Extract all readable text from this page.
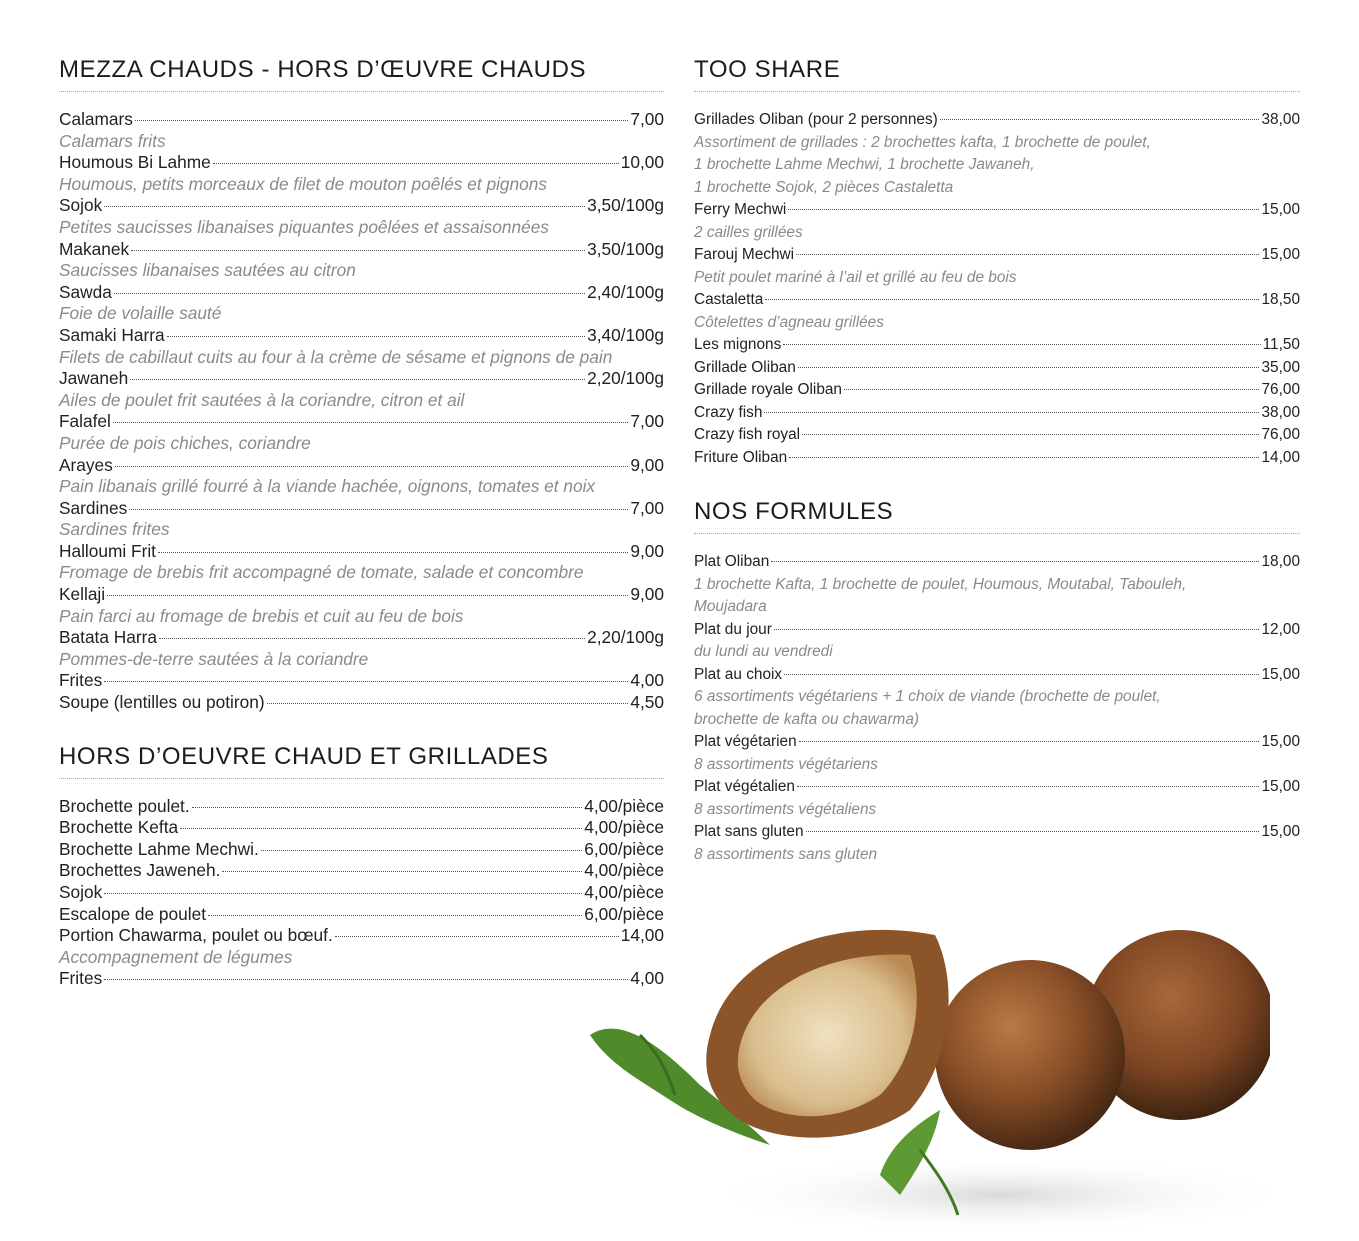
MEZZA CHAUDS - HORS D’ŒUVRE CHAUDS
Calamars	7,00
Calamars frits
Houmous Bi Lahme	10,00
Houmous, petits morceaux de filet de mouton poêlés et pignons
Sojok	3,50/100g
Petites saucisses libanaises piquantes poêlées et assaisonnées
Makanek	3,50/100g
Saucisses libanaises sautées au citron
Sawda	2,40/100g
Foie de volaille sauté
Samaki Harra	3,40/100g
Filets de cabillaut cuits au four à la crème de sésame et pignons de pain
Jawaneh	2,20/100g
Ailes de poulet frit sautées à la coriandre, citron et ail
Falafel	7,00
Purée de pois chiches, coriandre
Arayes	9,00
Pain libanais grillé fourré à la viande hachée, oignons, tomates et noix
Sardines	7,00
Sardines frites
Halloumi Frit	9,00
Fromage de brebis frit accompagné de tomate, salade et concombre
Kellaji	9,00
Pain farci au fromage de brebis et cuit au feu de bois
Batata Harra	2,20/100g
Pommes-de-terre sautées à la coriandre
Frites	4,00
Soupe (lentilles ou potiron)	4,50
HORS D’OEUVRE CHAUD ET GRILLADES
Brochette poulet.	4,00/pièce
Brochette Kefta	4,00/pièce
Brochette Lahme Mechwi.	6,00/pièce
Brochettes Jaweneh.	4,00/pièce
Sojok	4,00/pièce
Escalope de poulet	6,00/pièce
Portion Chawarma, poulet ou bœuf.	14,00
Accompagnement de légumes
Frites	4,00
TOO SHARE
Grillades Oliban (pour 2 personnes)	38,00
Assortiment de grillades : 2 brochettes kafta, 1 brochette de poulet,
1 brochette Lahme Mechwi, 1 brochette Jawaneh,
1 brochette Sojok, 2 pièces Castaletta
Ferry Mechwi	15,00
2 cailles grillées
Farouj Mechwi	15,00
Petit poulet mariné à l’ail et grillé au feu de bois
Castaletta	18,50
Côtelettes d’agneau grillées
Les mignons	11,50
Grillade Oliban	35,00
Grillade royale Oliban	76,00
Crazy fish	38,00
Crazy fish royal	76,00
Friture Oliban	14,00
NOS FORMULES
Plat Oliban	18,00
1 brochette Kafta, 1 brochette de poulet, Houmous, Moutabal, Tabouleh,
Moujadara
Plat du jour	12,00
du lundi au vendredi
Plat au choix	15,00
6 assortiments végétariens + 1 choix de viande (brochette de poulet,
brochette de kafta ou chawarma)
Plat végétarien	15,00
8 assortiments végétariens
Plat végétalien	15,00
8 assortiments végétaliens
Plat sans gluten	15,00
8 assortiments sans gluten
